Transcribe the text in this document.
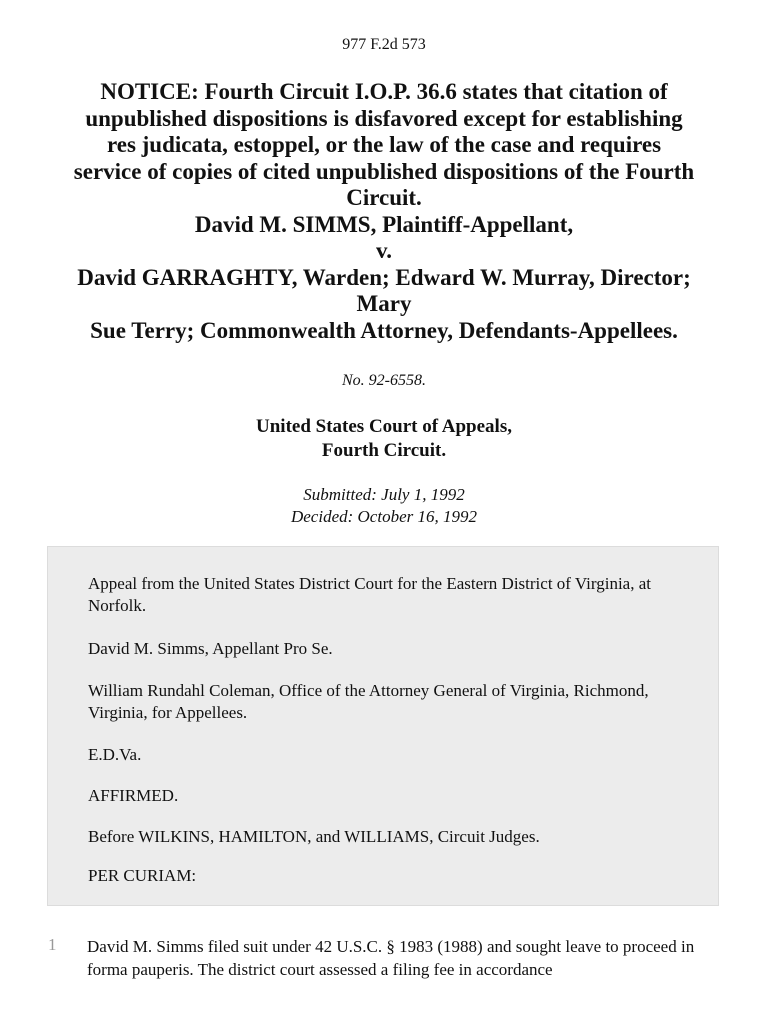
977 F.2d 573
NOTICE: Fourth Circuit I.O.P. 36.6 states that citation of
unpublished dispositions is disfavored except for establishing
res judicata, estoppel, or the law of the case and requires
service of copies of cited unpublished dispositions of the Fourth
Circuit.
David M. SIMMS, Plaintiff-Appellant,
v.
David GARRAGHTY, Warden; Edward W. Murray, Director;
Mary
Sue Terry; Commonwealth Attorney, Defendants-Appellees.
No. 92-6558.
United States Court of Appeals,
Fourth Circuit.
Submitted: July 1, 1992
Decided: October 16, 1992

Appeal from the United States District Court for the Eastern District of Virginia, at Norfolk.

David M. Simms, Appellant Pro Se.

William Rundahl Coleman, Office of the Attorney General of Virginia, Richmond, Virginia, for Appellees.

E.D.Va.

AFFIRMED.

Before WILKINS, HAMILTON, and WILLIAMS, Circuit Judges.

PER CURIAM:

1 David M. Simms filed suit under 42 U.S.C. § 1983 (1988) and sought leave to proceed in forma pauperis. The district court assessed a filing fee in accordance
